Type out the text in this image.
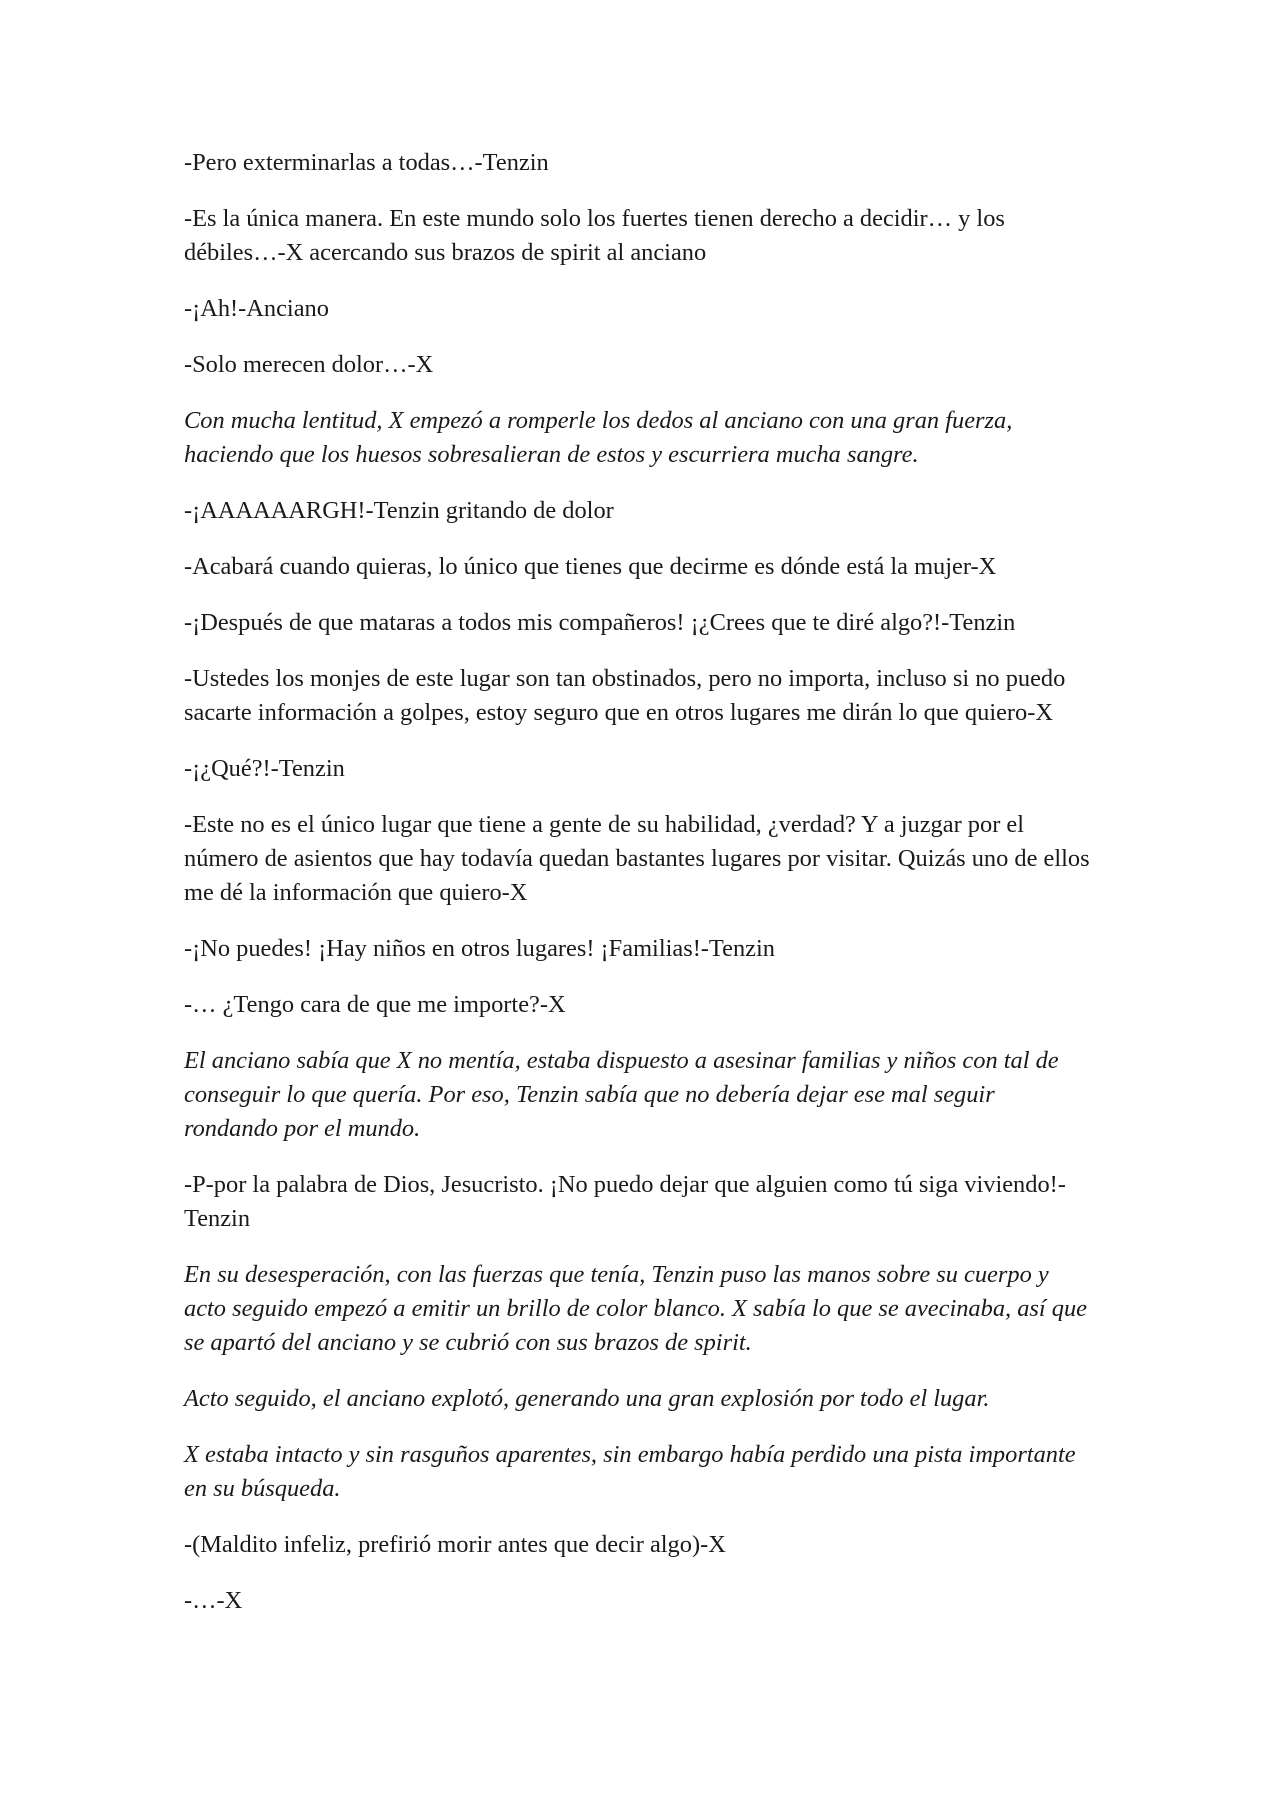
-Pero exterminarlas a todas…-Tenzin

-Es la única manera. En este mundo solo los fuertes tienen derecho a decidir… y los débiles…-X acercando sus brazos de spirit al anciano

-¡Ah!-Anciano

-Solo merecen dolor…-X

Con mucha lentitud, X empezó a romperle los dedos al anciano con una gran fuerza, haciendo que los huesos sobresalieran de estos y escurriera mucha sangre.

-¡AAAAAARGH!-Tenzin gritando de dolor

-Acabará cuando quieras, lo único que tienes que decirme es dónde está la mujer-X

-¡Después de que mataras a todos mis compañeros! ¡¿Crees que te diré algo?!-Tenzin

-Ustedes los monjes de este lugar son tan obstinados, pero no importa, incluso si no puedo sacarte información a golpes, estoy seguro que en otros lugares me dirán lo que quiero-X

-¡¿Qué?!-Tenzin

-Este no es el único lugar que tiene a gente de su habilidad, ¿verdad? Y a juzgar por el número de asientos que hay todavía quedan bastantes lugares por visitar. Quizás uno de ellos me dé la información que quiero-X

-¡No puedes! ¡Hay niños en otros lugares! ¡Familias!-Tenzin

-… ¿Tengo cara de que me importe?-X

El anciano sabía que X no mentía, estaba dispuesto a asesinar familias y niños con tal de conseguir lo que quería. Por eso, Tenzin sabía que no debería dejar ese mal seguir rondando por el mundo.

-P-por la palabra de Dios, Jesucristo. ¡No puedo dejar que alguien como tú siga viviendo!-Tenzin

En su desesperación, con las fuerzas que tenía, Tenzin puso las manos sobre su cuerpo y acto seguido empezó a emitir un brillo de color blanco. X sabía lo que se avecinaba, así que se apartó del anciano y se cubrió con sus brazos de spirit.

Acto seguido, el anciano explotó, generando una gran explosión por todo el lugar.

X estaba intacto y sin rasguños aparentes, sin embargo había perdido una pista importante en su búsqueda.

-(Maldito infeliz, prefirió morir antes que decir algo)-X

-…-X
